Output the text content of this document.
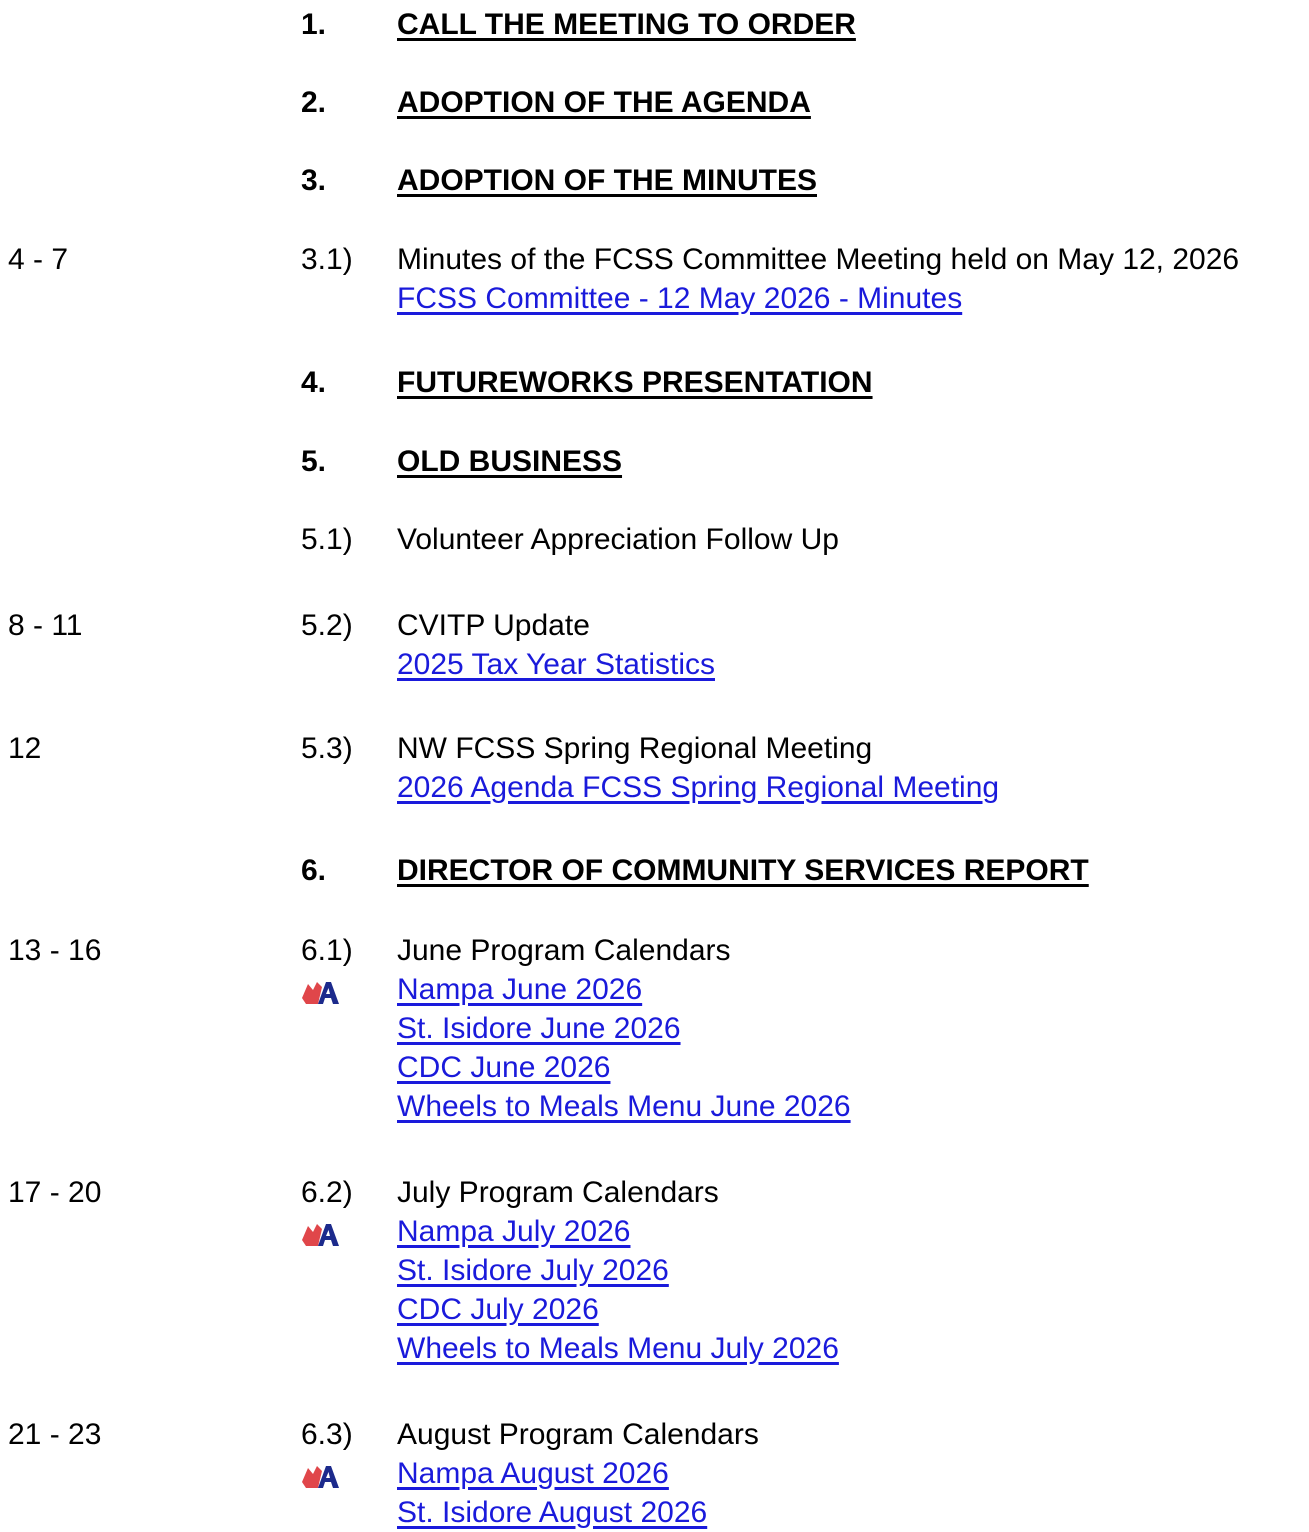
1. CALL THE MEETING TO ORDER
2. ADOPTION OF THE AGENDA
3. ADOPTION OF THE MINUTES
4 - 7	3.1) Minutes of the FCSS Committee Meeting held on May 12, 2026
FCSS Committee - 12 May 2026 - Minutes
4. FUTUREWORKS PRESENTATION
5. OLD BUSINESS
5.1) Volunteer Appreciation Follow Up
8 - 11	5.2) CVITP Update
2025 Tax Year Statistics
12	5.3) NW FCSS Spring Regional Meeting
2026 Agenda FCSS Spring Regional Meeting
6. DIRECTOR OF COMMUNITY SERVICES REPORT
13 - 16	6.1) June Program Calendars
Nampa June 2026
St. Isidore June 2026
CDC June 2026
Wheels to Meals Menu June 2026
17 - 20	6.2) July Program Calendars
Nampa July 2026
St. Isidore July 2026
CDC July 2026
Wheels to Meals Menu July 2026
21 - 23	6.3) August Program Calendars
Nampa August 2026
St. Isidore August 2026
